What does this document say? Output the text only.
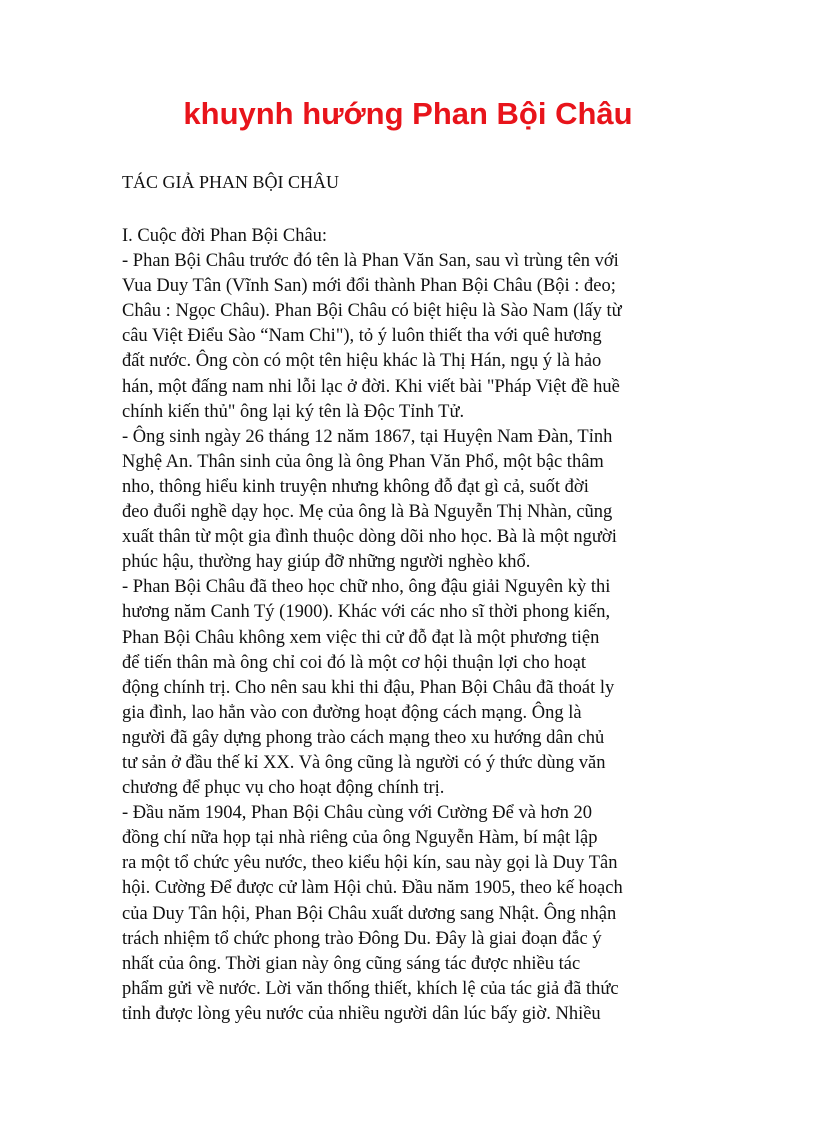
khuynh hướng Phan Bội Châu
TÁC GIẢ PHAN BỘI CHÂU
I. Cuộc đời Phan Bội Châu:
- Phan Bội Châu trước đó tên là Phan Văn San, sau vì trùng tên với
Vua Duy Tân (Vĩnh San) mới đổi thành Phan Bội Châu (Bội : đeo;
Châu : Ngọc Châu). Phan Bội Châu có biệt hiệu là Sào Nam (lấy từ
câu Việt Điểu Sào “Nam Chi"), tỏ ý luôn thiết tha với quê hương
đất nước. Ông còn có một tên hiệu khác là Thị Hán, ngụ ý là hảo
hán, một đấng nam nhi lỗi lạc ở đời. Khi viết bài "Pháp Việt đề huề
chính kiến thủ" ông lại ký tên là Độc Tỉnh Tử.
- Ông sinh ngày 26 tháng 12 năm 1867, tại Huyện Nam Đàn, Tỉnh
Nghệ An. Thân sinh của ông là ông Phan Văn Phổ, một bậc thâm
nho, thông hiểu kinh truyện nhưng không đỗ đạt gì cả, suốt đời
đeo đuổi nghề dạy học. Mẹ của ông là Bà Nguyễn Thị Nhàn, cũng
xuất thân từ một gia đình thuộc dòng dõi nho học. Bà là một người
phúc hậu, thường hay giúp đỡ những người nghèo khổ.
- Phan Bội Châu đã theo học chữ nho, ông đậu giải Nguyên kỳ thi
hương năm Canh Tý (1900). Khác với các nho sĩ thời phong kiến,
Phan Bội Châu không xem việc thi cử đỗ đạt là một phương tiện
để tiến thân mà ông chỉ coi đó là một cơ hội thuận lợi cho hoạt
động chính trị. Cho nên sau khi thi đậu, Phan Bội Châu đã thoát ly
gia đình, lao hẳn vào con đường hoạt động cách mạng. Ông là
người đã gây dựng phong trào cách mạng theo xu hướng dân chủ
tư sản ở đầu thế kỉ XX. Và ông cũng là người có ý thức dùng văn
chương để phục vụ cho hoạt động chính trị.
- Đầu năm 1904, Phan Bội Châu cùng với Cường Để và hơn 20
đồng chí nữa họp tại nhà riêng của ông Nguyễn Hàm, bí mật lập
ra một tổ chức yêu nước, theo kiểu hội kín, sau này gọi là Duy Tân
hội. Cường Để được cử làm Hội chủ. Đầu năm 1905, theo kế hoạch
của Duy Tân hội, Phan Bội Châu xuất dương sang Nhật. Ông nhận
trách nhiệm tổ chức phong trào Đông Du. Đây là giai đoạn đắc ý
nhất của ông. Thời gian này ông cũng sáng tác được nhiều tác
phẩm gửi về nước. Lời văn thống thiết, khích lệ của tác giả đã thức
tỉnh được lòng yêu nước của nhiều người dân lúc bấy giờ. Nhiều
